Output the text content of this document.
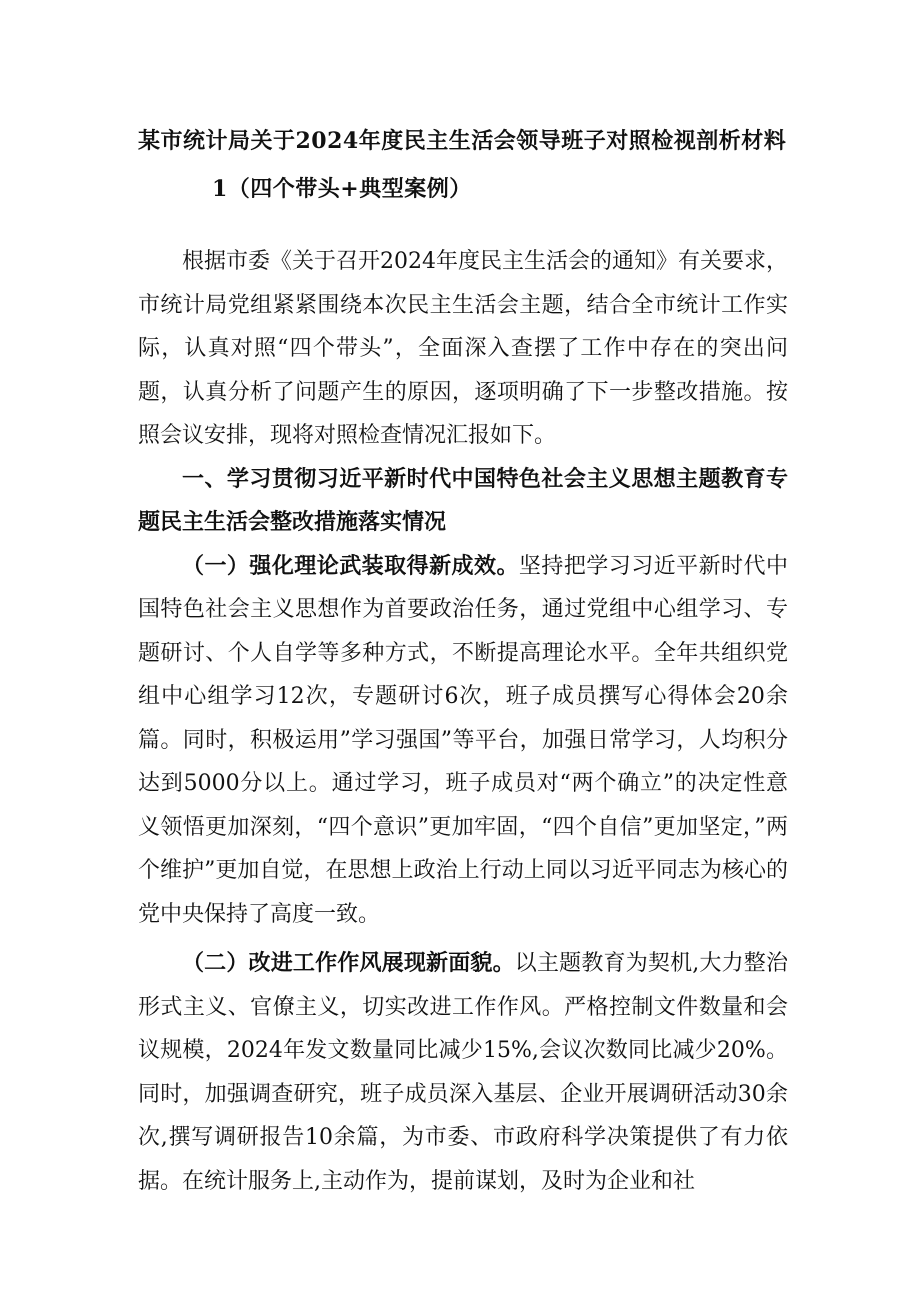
某市统计局关于2024年度民主生活会领导班子对照检视剖析材料
1（四个带头+典型案例）

根据市委《关于召开2024年度民主生活会的通知》有关要求，市统计局党组紧紧围绕本次民主生活会主题，结合全市统计工作实际，认真对照“四个带头”，全面深入查摆了工作中存在的突出问题，认真分析了问题产生的原因，逐项明确了下一步整改措施。按照会议安排，现将对照检查情况汇报如下。

一、学习贯彻习近平新时代中国特色社会主义思想主题教育专题民主生活会整改措施落实情况

（一）强化理论武装取得新成效。坚持把学习习近平新时代中国特色社会主义思想作为首要政治任务，通过党组中心组学习、专题研讨、个人自学等多种方式，不断提高理论水平。全年共组织党组中心组学习12次，专题研讨6次，班子成员撰写心得体会20余篇。同时，积极运用”学习强国”等平台，加强日常学习，人均积分达到5000分以上。通过学习，班子成员对“两个确立”的决定性意义领悟更加深刻，“四个意识”更加牢固，“四个自信”更加坚定，”两个维护”更加自觉，在思想上政治上行动上同以习近平同志为核心的党中央保持了高度一致。

（二）改进工作作风展现新面貌。以主题教育为契机,大力整治形式主义、官僚主义，切实改进工作作风。严格控制文件数量和会议规模，2024年发文数量同比减少15%,会议次数同比减少20%。同时，加强调查研究，班子成员深入基层、企业开展调研活动30余次,撰写调研报告10余篇，为市委、市政府科学决策提供了有力依据。在统计服务上,主动作为，提前谋划，及时为企业和社
